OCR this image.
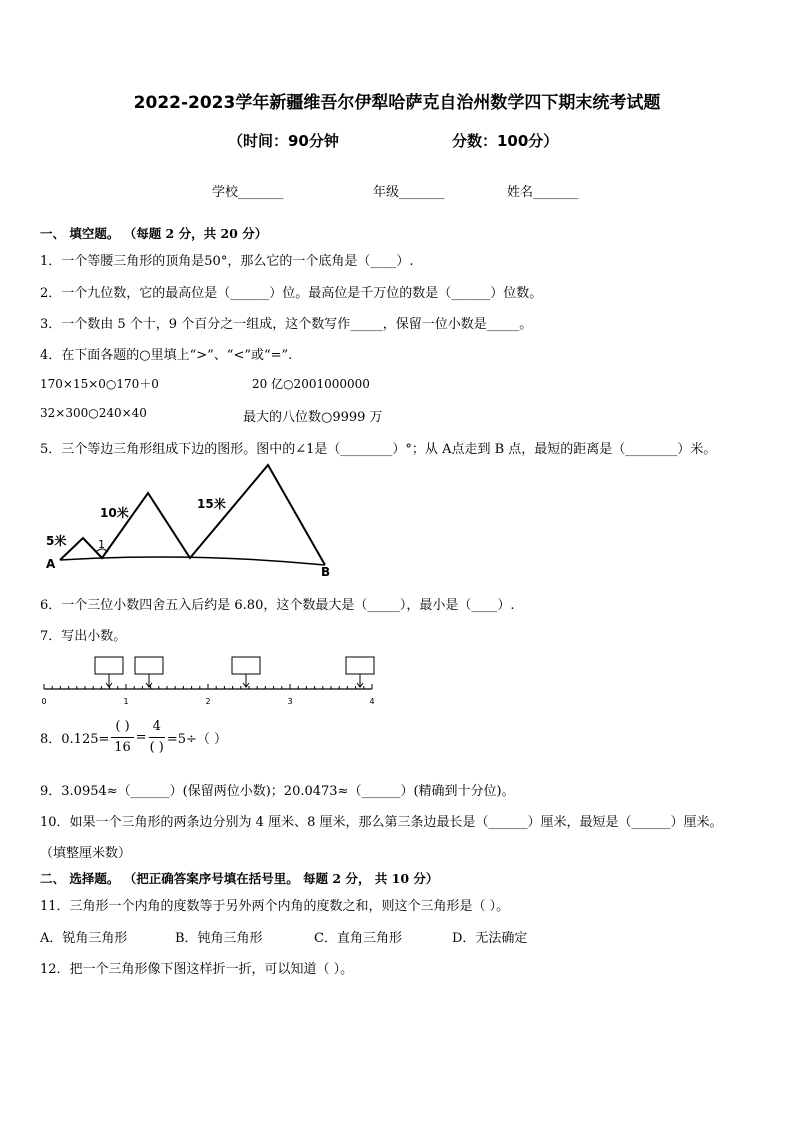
2022-2023学年新疆维吾尔伊犁哈萨克自治州数学四下期末统考试题
（时间：90分钟	分数：100分）
学校_______	年级_______	姓名_______
一、 填空题。 （每题 2 分，共 20 分）
1．一个等腰三角形的顶角是50°，那么它的一个底角是（____）.
2．一个九位数，它的最高位是（______）位。最高位是千万位的数是（______）位数。
3．一个数由 5 个十，9 个百分之一组成，这个数写作_____，保留一位小数是_____。
4．在下面各题的○里填上“>”、“<”或“=”.
170×15×0○170＋0	20 亿○2001000000
32×300○240×40	最大的八位数○9999 万
5．三个等边三角形组成下边的图形。图中的∠1是（________）°；从 A点走到 B 点，最短的距离是（________）米。
5米
10米
15米
1
A
B
6．一个三位小数四舍五入后约是 6.80，这个数最大是（_____），最小是（____）.
7．写出小数。
0	1	2	3	4
8．$0.125= \frac{( )}{16} = \frac{4}{( )} =5\div$（ ）
9．3.0954≈（______）(保留两位小数)；20.0473≈（______）(精确到十分位)。
10．如果一个三角形的两条边分别为 4 厘米、8 厘米，那么第三条边最长是（______）厘米，最短是（______）厘米。
（填整厘米数）
二、 选择题。 （把正确答案序号填在括号里。 每题 2 分， 共 10 分）
11．三角形一个内角的度数等于另外两个内角的度数之和，则这个三角形是（ ）。
A．锐角三角形	B．钝角三角形	C．直角三角形	D．无法确定
12．把一个三角形像下图这样折一折，可以知道（ ）。
